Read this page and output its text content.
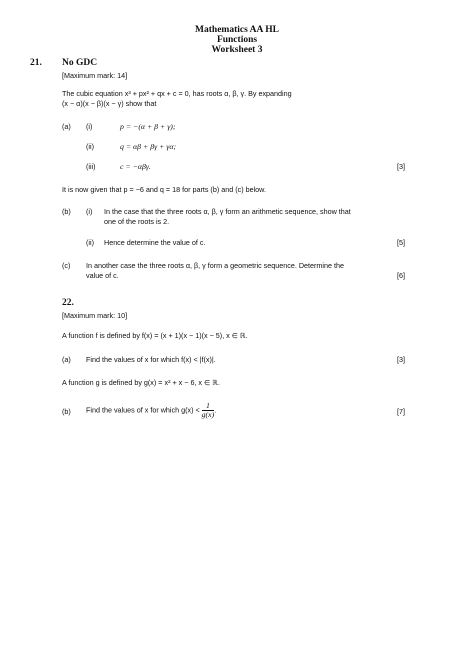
Mathematics AA HL
Functions
Worksheet 3
21. No GDC
[Maximum mark: 14]
The cubic equation x³ + px² + qx + c = 0, has roots α, β, γ. By expanding
(x − α)(x − β)(x − γ) show that
(a) (i)	p = −(α + β + γ);
(ii)	q = αβ + βγ + γα;
(iii)	c = −αβγ.	[3]
It is now given that p = −6 and q = 18 for parts (b) and (c) below.
(b) (i) In the case that the three roots α, β, γ form an arithmetic sequence, show that
one of the roots is 2.
(ii) Hence determine the value of c.	[5]
(c) In another case the three roots α, β, γ form a geometric sequence. Determine the
value of c.	[6]
22.
[Maximum mark: 10]
A function f is defined by f(x) = (x + 1)(x − 1)(x − 5), x ∈ ℝ.
(a) Find the values of x for which f(x) < |f(x)|.	[3]
A function g is defined by g(x) = x² + x − 6, x ∈ ℝ.
(b) Find the values of x for which $g(x) < \frac{1}{g(x)}$ .	[7]
